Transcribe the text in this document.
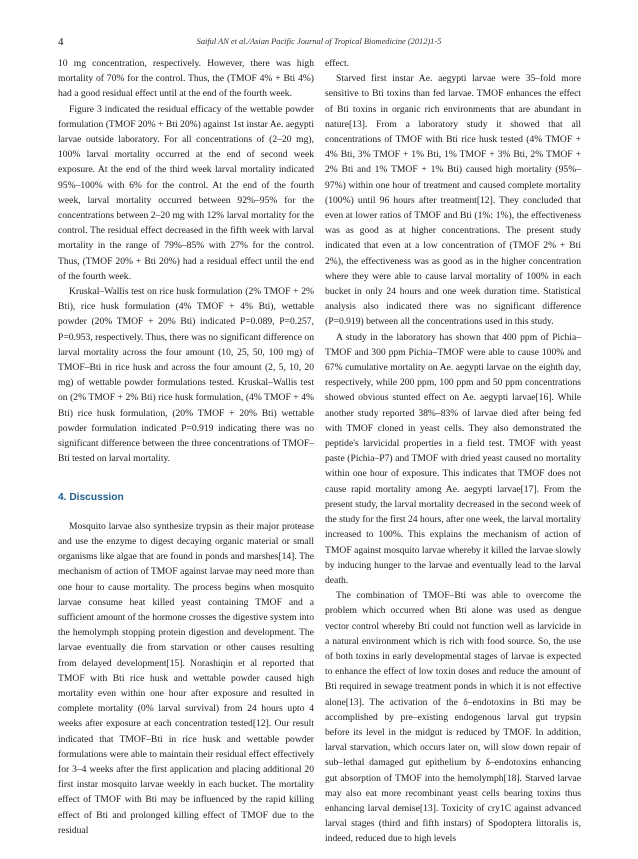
4	Saiful AN et al./Asian Pacific Journal of Tropical Biomedicine (2012)1-5

10 mg concentration, respectively. However, there was high mortality of 70% for the control. Thus, the (TMOF 4% + Bti 4%) had a good residual effect until at the end of the fourth week.

Figure 3 indicated the residual efficacy of the wettable powder formulation (TMOF 20% + Bti 20%) against 1st instar Ae. aegypti larvae outside laboratory. For all concentrations of (2–20 mg), 100% larval mortality occurred at the end of second week exposure. At the end of the third week larval mortality indicated 95%–100% with 6% for the control. At the end of the fourth week, larval mortality occurred between 92%–95% for the concentrations between 2–20 mg with 12% larval mortality for the control. The residual effect decreased in the fifth week with larval mortality in the range of 79%–85% with 27% for the control. Thus, (TMOF 20% + Bti 20%) had a residual effect until the end of the fourth week.

Kruskal–Wallis test on rice husk formulation (2% TMOF + 2% Bti), rice husk formulation (4% TMOF + 4% Bti), wettable powder (20% TMOF + 20% Bti) indicated P=0.089, P=0.257, P=0.953, respectively. Thus, there was no significant difference on larval mortality across the four amount (10, 25, 50, 100 mg) of TMOF–Bti in rice husk and across the four amount (2, 5, 10, 20 mg) of wettable powder formulations tested. Kruskal–Wallis test on (2% TMOF + 2% Bti) rice husk formulation, (4% TMOF + 4% Bti) rice husk formulation, (20% TMOF + 20% Bti) wettable powder formulation indicated P=0.919 indicating there was no significant difference between the three concentrations of TMOF–Bti tested on larval mortality.

4. Discussion

Mosquito larvae also synthesize trypsin as their major protease and use the enzyme to digest decaying organic material or small organisms like algae that are found in ponds and marshes[14]. The mechanism of action of TMOF against larvae may need more than one hour to cause mortality. The process begins when mosquito larvae consume heat killed yeast containing TMOF and a sufficient amount of the hormone crosses the digestive system into the hemolymph stopping protein digestion and development. The larvae eventually die from starvation or other causes resulting from delayed development[15]. Norashiqin et al reported that TMOF with Bti rice husk and wettable powder caused high mortality even within one hour after exposure and resulted in complete mortality (0% larval survival) from 24 hours upto 4 weeks after exposure at each concentration tested[12]. Our result indicated that TMOF–Bti in rice husk and wettable powder formulations were able to maintain their residual effect effectively for 3–4 weeks after the first application and placing additional 20 first instar mosquito larvae weekly in each bucket. The mortality effect of TMOF with Bti may be influenced by the rapid killing effect of Bti and prolonged killing effect of TMOF due to the residual

effect.

Starved first instar Ae. aegypti larvae were 35–fold more sensitive to Bti toxins than fed larvae. TMOF enhances the effect of Bti toxins in organic rich environments that are abundant in nature[13]. From a laboratory study it showed that all concentrations of TMOF with Bti rice husk tested (4% TMOF + 4% Bti, 3% TMOF + 1% Bti, 1% TMOF + 3% Bti, 2% TMOF + 2% Bti and 1% TMOF + 1% Bti) caused high mortality (95%–97%) within one hour of treatment and caused complete mortality (100%) until 96 hours after treatment[12]. They concluded that even at lower ratios of TMOF and Bti (1%: 1%), the effectiveness was as good as at higher concentrations. The present study indicated that even at a low concentration of (TMOF 2% + Bti 2%), the effectiveness was as good as in the higher concentration where they were able to cause larval mortality of 100% in each bucket in only 24 hours and one week duration time. Statistical analysis also indicated there was no significant difference (P=0.919) between all the concentrations used in this study.

A study in the laboratory has shown that 400 ppm of Pichia–TMOF and 300 ppm Pichia–TMOF were able to cause 100% and 67% cumulative mortality on Ae. aegypti larvae on the eighth day, respectively, while 200 ppm, 100 ppm and 50 ppm concentrations showed obvious stunted effect on Ae. aegypti larvae[16]. While another study reported 38%–83% of larvae died after being fed with TMOF cloned in yeast cells. They also demonstrated the peptide's larvicidal properties in a field test. TMOF with yeast paste (Pichia–P7) and TMOF with dried yeast caused no mortality within one hour of exposure. This indicates that TMOF does not cause rapid mortality among Ae. aegypti larvae[17]. From the present study, the larval mortality decreased in the second week of the study for the first 24 hours, after one week, the larval mortality increased to 100%. This explains the mechanism of action of TMOF against mosquito larvae whereby it killed the larvae slowly by inducing hunger to the larvae and eventually lead to the larval death.

The combination of TMOF–Bti was able to overcome the problem which occurred when Bti alone was used as dengue vector control whereby Bti could not function well as larvicide in a natural environment which is rich with food source. So, the use of both toxins in early developmental stages of larvae is expected to enhance the effect of low toxin doses and reduce the amount of Bti required in sewage treatment ponds in which it is not effective alone[13]. The activation of the δ–endotoxins in Bti may be accomplished by pre–existing endogenous larval gut trypsin before its level in the midgut is reduced by TMOF. In addition, larval starvation, which occurs later on, will slow down repair of sub–lethal damaged gut epithelium by δ–endotoxins enhancing gut absorption of TMOF into the hemolymph[18]. Starved larvae may also eat more recombinant yeast cells bearing toxins thus enhancing larval demise[13]. Toxicity of cry1C against advanced larval stages (third and fifth instars) of Spodoptera littoralis is, indeed, reduced due to high levels
